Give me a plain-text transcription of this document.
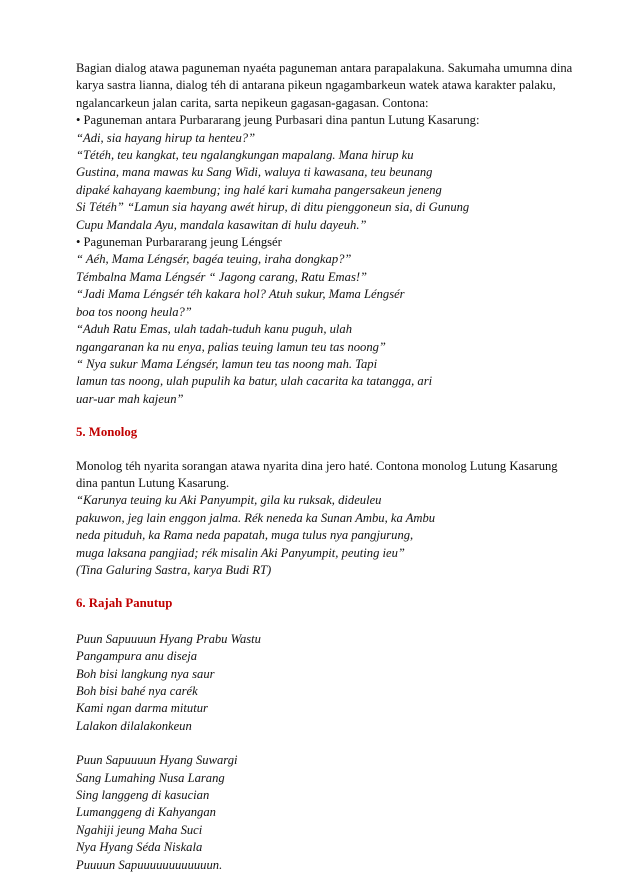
Bagian dialog atawa paguneman nyaéta paguneman antara parapalakuna. Sakumaha umumna dina
karya sastra lianna, dialog téh di antarana pikeun ngagambarkeun watek atawa karakter palaku,
ngalancarkeun jalan carita, sarta nepikeun gagasan-gagasan. Contona:

• Paguneman antara Purbararang jeung Purbasari dina pantun Lutung Kasarung:
“Adi, sia hayang hirup ta henteu?”
“Tétéh, teu kangkat, teu ngalangkungan mapalang. Mana hirup ku
Gustina, mana mawas ku Sang Widi, waluya ti kawasana, teu beunang
dipaké kahayang kaembung; ing halé kari kumaha pangersakeun jeneng
Si Tétéh” “Lamun sia hayang awét hirup, di ditu pienggoneun sia, di Gunung
Cupu Mandala Ayu, mandala kasawitan di hulu dayeuh.”
• Paguneman Purbararang jeung Léngsér
“ Aéh, Mama Léngsér, bagéa teuing, iraha dongkap?”
Témbalna Mama Léngsér “ Jagong carang, Ratu Emas!”
“Jadi Mama Léngsér téh kakara hol? Atuh sukur, Mama Léngsér
boa tos noong heula?”
“Aduh Ratu Emas, ulah tadah-tuduh kanu puguh, ulah
ngangaranan ka nu enya, palias teuing lamun teu tas noong”
“ Nya sukur Mama Léngsér, lamun teu tas noong mah. Tapi
lamun tas noong, ulah pupulih ka batur, ulah cacarita ka tatangga, ari
uar-uar mah kajeun”
5. Monolog

Monolog téh nyarita sorangan atawa nyarita dina jero haté. Contona monolog Lutung Kasarung
dina pantun Lutung Kasarung.

“Karunya teuing ku Aki Panyumpit, gila ku ruksak, dideuleu
pakuwon, jeg lain enggon jalma. Rék neneda ka Sunan Ambu, ka Ambu
neda pituduh, ka Rama neda papatah, muga tulus nya pangjurung,
muga laksana pangjiad; rék misalin Aki Panyumpit, peuting ieu”
(Tina Galuring Sastra, karya Budi RT)
6. Rajah Panutup
Puun Sapuuuun Hyang Prabu Wastu
Pangampura anu diseja
Boh bisi langkung nya saur
Boh bisi bahé nya carék
Kami ngan darma mitutur
Lalakon dilalakonkeun
Puun Sapuuuun Hyang Suwargi
Sang Lumahing Nusa Larang
Sing langgeng di kasucian
Lumanggeng di Kahyangan
Ngahiji jeung Maha Suci
Nya Hyang Séda Niskala
Puuuun Sapuuuuuuuuuuuun.
